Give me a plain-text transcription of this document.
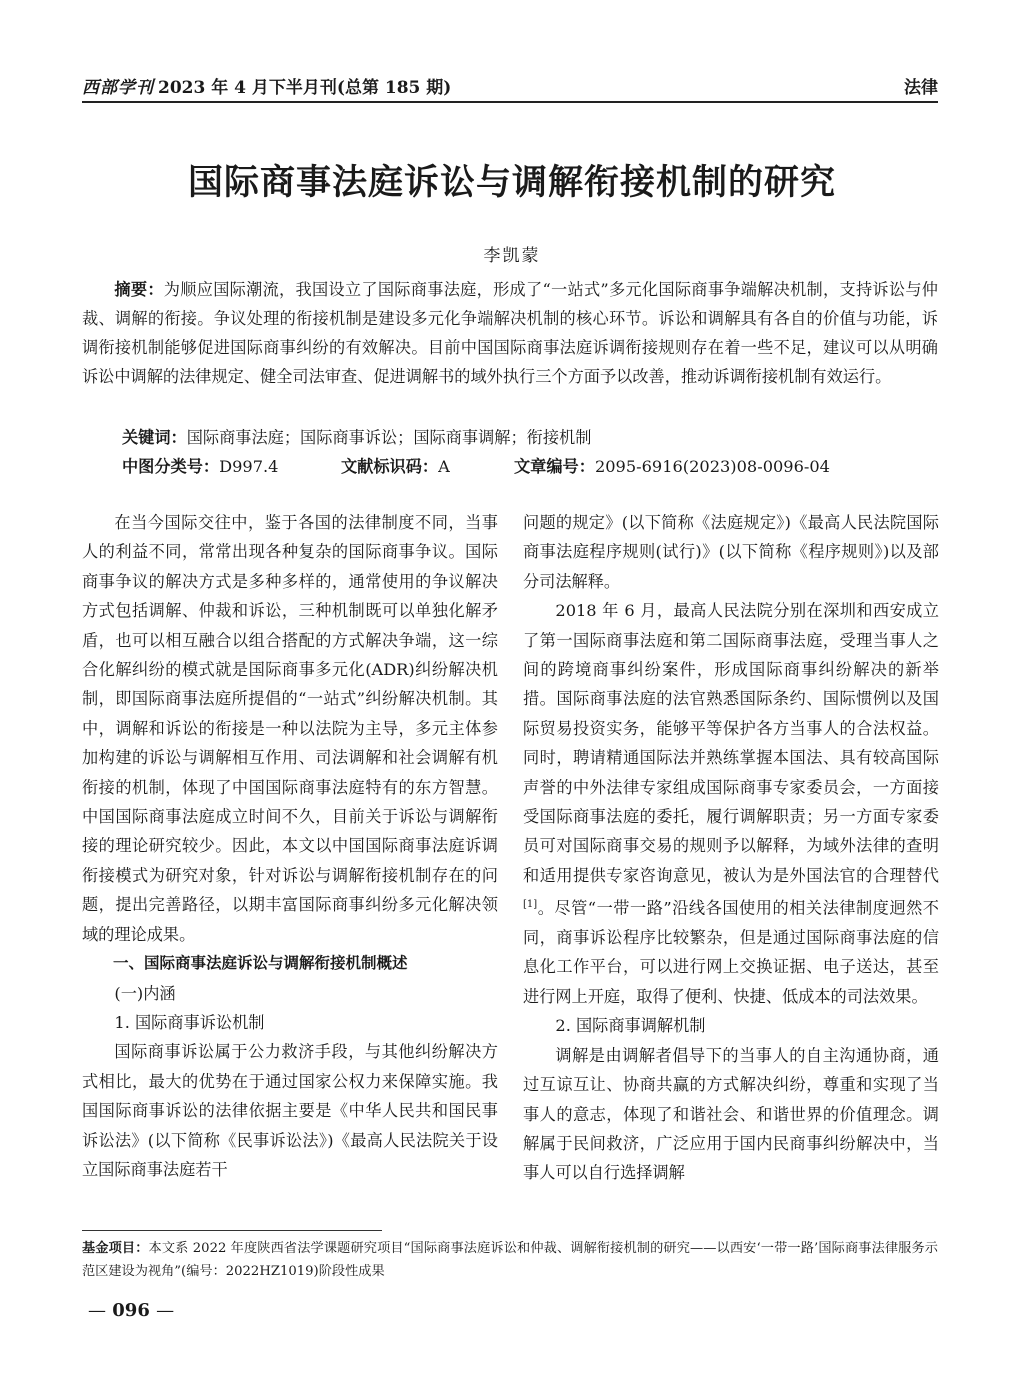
西部学刊 2023 年 4 月下半月刊(总第 185 期)	法律
国际商事法庭诉讼与调解衔接机制的研究
李凯蒙
摘要：为顺应国际潮流，我国设立了国际商事法庭，形成了“一站式”多元化国际商事争端解决机制，支持诉讼与仲裁、调解的衔接。争议处理的衔接机制是建设多元化争端解决机制的核心环节。诉讼和调解具有各自的价值与功能，诉调衔接机制能够促进国际商事纠纷的有效解决。目前中国国际商事法庭诉调衔接规则存在着一些不足，建议可以从明确诉讼中调解的法律规定、健全司法审查、促进调解书的域外执行三个方面予以改善，推动诉调衔接机制有效运行。
关键词：国际商事法庭；国际商事诉讼；国际商事调解；衔接机制
中图分类号：D997.4	文献标识码：A	文章编号：2095-6916(2023)08-0096-04

在当今国际交往中，鉴于各国的法律制度不同，当事人的利益不同，常常出现各种复杂的国际商事争议。国际商事争议的解决方式是多种多样的，通常使用的争议解决方式包括调解、仲裁和诉讼，三种机制既可以单独化解矛盾，也可以相互融合以组合搭配的方式解决争端，这一综合化解纠纷的模式就是国际商事多元化(ADR)纠纷解决机制，即国际商事法庭所提倡的“一站式”纠纷解决机制。其中，调解和诉讼的衔接是一种以法院为主导，多元主体参加构建的诉讼与调解相互作用、司法调解和社会调解有机衔接的机制，体现了中国国际商事法庭特有的东方智慧。中国国际商事法庭成立时间不久，目前关于诉讼与调解衔接的理论研究较少。因此，本文以中国国际商事法庭诉调衔接模式为研究对象，针对诉讼与调解衔接机制存在的问题，提出完善路径，以期丰富国际商事纠纷多元化解决领域的理论成果。

一、国际商事法庭诉讼与调解衔接机制概述

(一)内涵

1. 国际商事诉讼机制

国际商事诉讼属于公力救济手段，与其他纠纷解决方式相比，最大的优势在于通过国家公权力来保障实施。我国国际商事诉讼的法律依据主要是《中华人民共和国民事诉讼法》(以下简称《民事诉讼法》)《最高人民法院关于设立国际商事法庭若干

问题的规定》(以下简称《法庭规定》)《最高人民法院国际商事法庭程序规则(试行)》(以下简称《程序规则》)以及部分司法解释。

2018 年 6 月，最高人民法院分别在深圳和西安成立了第一国际商事法庭和第二国际商事法庭，受理当事人之间的跨境商事纠纷案件，形成国际商事纠纷解决的新举措。国际商事法庭的法官熟悉国际条约、国际惯例以及国际贸易投资实务，能够平等保护各方当事人的合法权益。同时，聘请精通国际法并熟练掌握本国法、具有较高国际声誉的中外法律专家组成国际商事专家委员会，一方面接受国际商事法庭的委托，履行调解职责；另一方面专家委员可对国际商事交易的规则予以解释，为域外法律的查明和适用提供专家咨询意见，被认为是外国法官的合理替代[1]。尽管“一带一路”沿线各国使用的相关法律制度迥然不同，商事诉讼程序比较繁杂，但是通过国际商事法庭的信息化工作平台，可以进行网上交换证据、电子送达，甚至进行网上开庭，取得了便利、快捷、低成本的司法效果。

2. 国际商事调解机制

调解是由调解者倡导下的当事人的自主沟通协商，通过互谅互让、协商共赢的方式解决纠纷，尊重和实现了当事人的意志，体现了和谐社会、和谐世界的价值理念。调解属于民间救济，广泛应用于国内民商事纠纷解决中，当事人可以自行选择调解

基金项目：本文系 2022 年度陕西省法学课题研究项目“国际商事法庭诉讼和仲裁、调解衔接机制的研究——以西安‘一带一路’国际商事法律服务示范区建设为视角”(编号：2022HZ1019)阶段性成果
— 096 —
